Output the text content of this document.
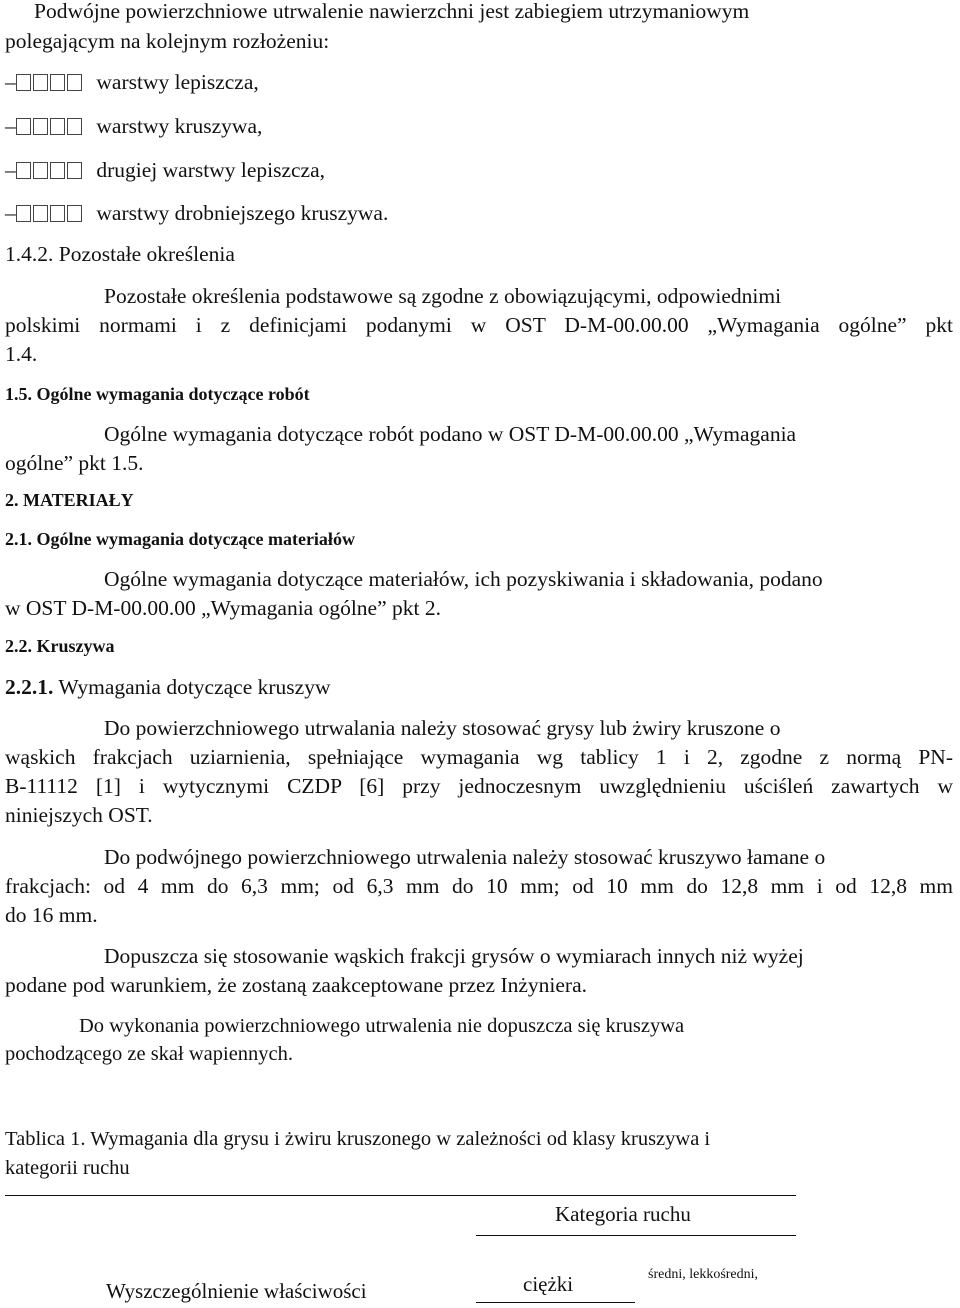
Podwójne powierzchniowe utrwalenie nawierzchni jest zabiegiem utrzymaniowym

polegającym na kolejnym rozłożeniu:

–	warstwy lepiszcza,

–	warstwy kruszywa,

–	drugiej warstwy lepiszcza,

–	warstwy drobniejszego kruszywa.

1.4.2. Pozostałe określenia

Pozostałe określenia podstawowe są zgodne z obowiązującymi, odpowiednimi

polskimi normami i z definicjami podanymi w OST D-M-00.00.00 „Wymagania ogólne” pkt

1.4.

1.5. Ogólne wymagania dotyczące robót

Ogólne wymagania dotyczące robót podano w OST D-M-00.00.00 „Wymagania

ogólne” pkt 1.5.

2. MATERIAŁY

2.1. Ogólne wymagania dotyczące materiałów

Ogólne wymagania dotyczące materiałów, ich pozyskiwania i składowania, podano

w OST D-M-00.00.00 „Wymagania ogólne” pkt 2.

2.2. Kruszywa

2.2.1. Wymagania dotyczące kruszyw

Do powierzchniowego utrwalania należy stosować grysy lub żwiry kruszone o

wąskich frakcjach uziarnienia, spełniające wymagania wg tablicy 1 i 2, zgodne z normą PN-

B-11112 [1] i wytycznymi CZDP [6] przy jednoczesnym uwzględnieniu uściśleń zawartych w

niniejszych OST.

Do podwójnego powierzchniowego utrwalenia należy stosować kruszywo łamane o

frakcjach: od 4 mm do 6,3 mm; od 6,3 mm do 10 mm; od 10 mm do 12,8 mm i od 12,8 mm

do 16 mm.

Dopuszcza się stosowanie wąskich frakcji grysów o wymiarach innych niż wyżej

podane pod warunkiem, że zostaną zaakceptowane przez Inżyniera.

Do wykonania powierzchniowego utrwalenia nie dopuszcza się kruszywa

pochodzącego ze skał wapiennych.

Tablica 1. Wymagania dla grysu i żwiru kruszonego w zależności od klasy kruszywa i

kategorii ruchu

Kategoria ruchu

Wyszczególnienie właściwości	ciężki	średni, lekkośredni,
